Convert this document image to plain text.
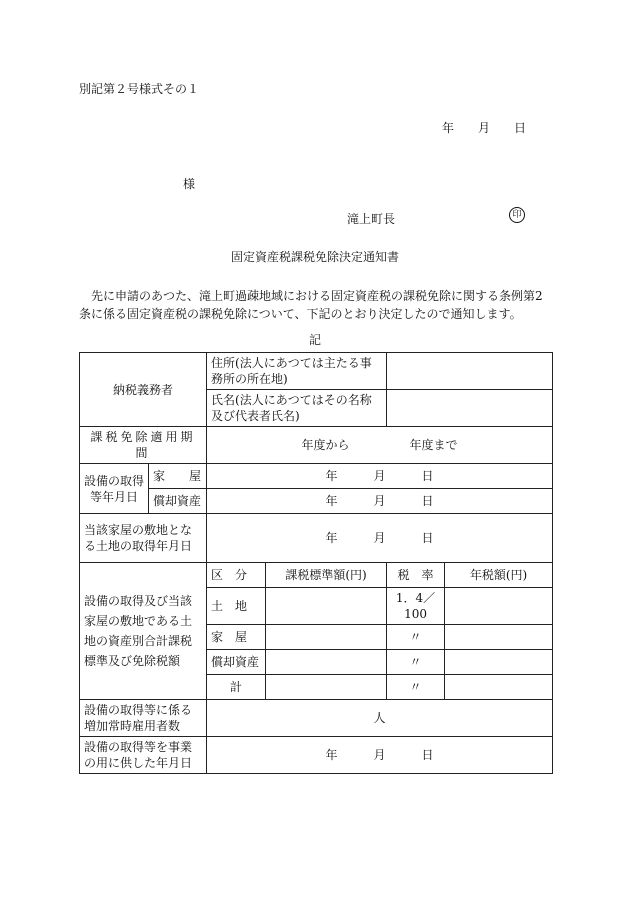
別記第２号様式その１
年　　月　　日
様
滝上町長	印
固定資産税課税免除決定通知書
先に申請のあつた、滝上町過疎地域における固定資産税の課税免除に関する条例第2条に係る固定資産税の課税免除について、下記のとおり決定したので通知します。
記
納税義務者		住所(法人にあつては主たる事務所の所在地)			
		氏名(法人にあつてはその名称及び代表者氏名)			
課税免除適用期間		年度から　　　　　年度まで			
設備の取得等年月日	家　　屋	年　　　月　　　日			
	償却資産	年　　　月　　　日			
当該家屋の敷地となる土地の取得年月日		年　　　月　　　日			
設備の取得及び当該家屋の敷地である土地の資産別合計課税標準及び免除税額		区　分	課税標準額(円)	税　率	年税額(円)
		土　地		1．4／100	
		家　屋		〃	
		償却資産		〃	
		計		〃	
設備の取得等に係る増加常時雇用者数		人			
設備の取得等を事業の用に供した年月日		年　　　月　　　日			
